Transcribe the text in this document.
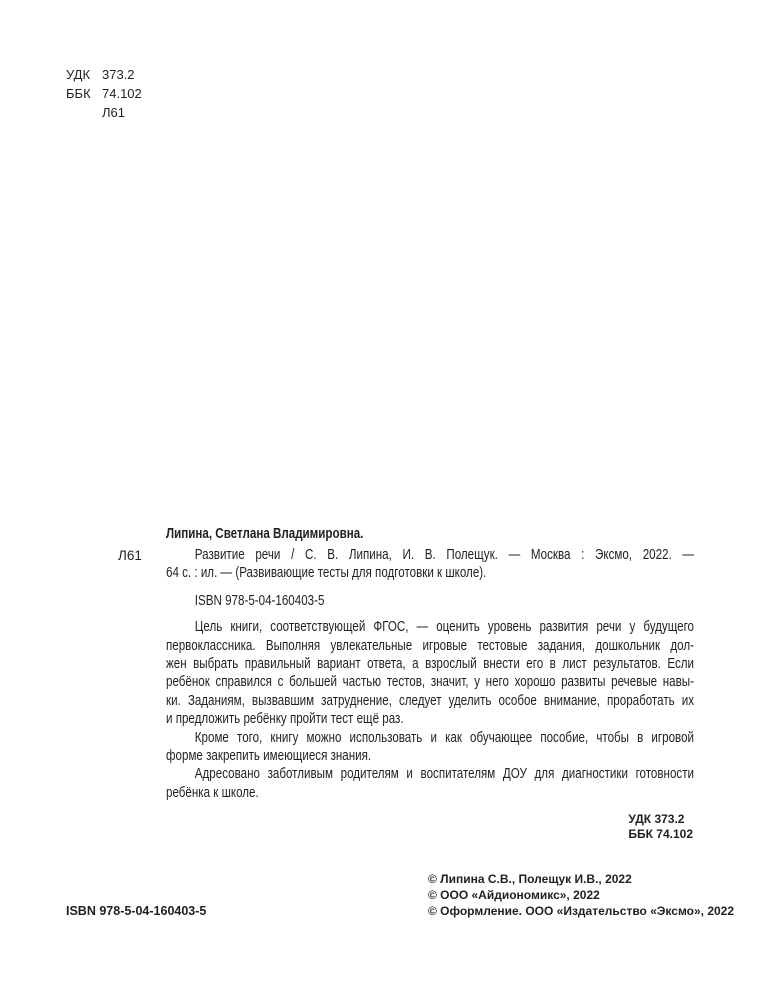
УДК 373.2
ББК 74.102
Л61
Л61
Липина, Светлана Владимировна.
Развитие речи / С. В. Липина, И. В. Полещук. — Москва : Эксмо, 2022. —
64 с. : ил. — (Развивающие тесты для подготовки к школе).
ISBN 978-5-04-160403-5
Цель книги, соответствующей ФГОС, — оценить уровень развития речи у будущего
первоклассника. Выполняя увлекательные игровые тестовые задания, дошкольник дол-
жен выбрать правильный вариант ответа, а взрослый внести его в лист результатов. Если
ребёнок справился с большей частью тестов, значит, у него хорошо развиты речевые навы-
ки. Заданиям, вызвавшим затруднение, следует уделить особое внимание, проработать их
и предложить ребёнку пройти тест ещё раз.
Кроме того, книгу можно использовать и как обучающее пособие, чтобы в игровой
форме закрепить имеющиеся знания.
Адресовано заботливым родителям и воспитателям ДОУ для диагностики готовности
ребёнка к школе.
УДК 373.2
ББК 74.102
© Липина С.В., Полещук И.В., 2022
© ООО «Айдиономикс», 2022
© Оформление. ООО «Издательство «Эксмо», 2022
ISBN 978-5-04-160403-5
